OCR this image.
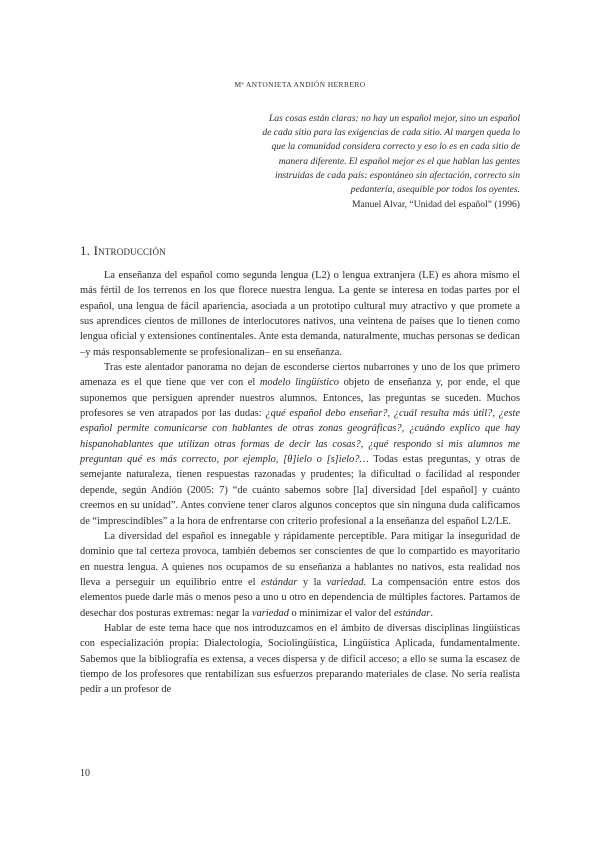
Mª ANTONIETA ANDIÓN HERRERO
Las cosas están claras: no hay un español mejor, sino un español
de cada sitio para las exigencias de cada sitio. Al margen queda lo
que la comunidad considera correcto y eso lo es en cada sitio de
manera diferente. El español mejor es el que hablan las gentes
instruidas de cada país: espontáneo sin afectación, correcto sin
pedantería, asequible por todos los oyentes.
Manuel Alvar, “Unidad del español” (1996)
1. Introducción

La enseñanza del español como segunda lengua (L2) o lengua extranjera (LE) es ahora mismo el más fértil de los terrenos en los que florece nuestra lengua. La gente se interesa en todas partes por el español, una lengua de fácil apariencia, asociada a un prototipo cultural muy atractivo y que promete a sus aprendices cientos de millones de interlocutores nativos, una veintena de países que lo tienen como lengua oficial y extensiones continentales. Ante esta demanda, naturalmente, muchas personas se dedican –y más responsablemente se profesionalizan– en su enseñanza.

Tras este alentador panorama no dejan de esconderse ciertos nubarrones y uno de los que primero amenaza es el que tiene que ver con el modelo lingüístico objeto de enseñanza y, por ende, el que suponemos que persiguen aprender nuestros alumnos. Entonces, las preguntas se suceden. Muchos profesores se ven atrapados por las dudas: ¿qué español debo enseñar?, ¿cuál resulta más útil?, ¿este español permite comunicarse con hablantes de otras zonas geográficas?, ¿cuándo explico que hay hispanohablantes que utilizan otras formas de decir las cosas?, ¿qué respondo si mis alumnos me preguntan qué es más correcto, por ejemplo, [θ]ielo o [s]ielo?… Todas estas preguntas, y otras de semejante naturaleza, tienen respuestas razonadas y prudentes; la dificultad o facilidad al responder depende, según Andión (2005: 7) “de cuánto sabemos sobre [la] diversidad [del español] y cuánto creemos en su unidad”. Antes conviene tener claros algunos conceptos que sin ninguna duda calificamos de “imprescindibles” a la hora de enfrentarse con criterio profesional a la enseñanza del español L2/LE.

La diversidad del español es innegable y rápidamente perceptible. Para mitigar la inseguridad de dominio que tal certeza provoca, también debemos ser conscientes de que lo compartido es mayoritario en nuestra lengua. A quienes nos ocupamos de su enseñanza a hablantes no nativos, esta realidad nos lleva a perseguir un equilibrio entre el estándar y la variedad. La compensación entre estos dos elementos puede darle más o menos peso a uno u otro en dependencia de múltiples factores. Partamos de desechar dos posturas extremas: negar la variedad o minimizar el valor del estándar.

Hablar de este tema hace que nos introduzcamos en el ámbito de diversas disciplinas lingüísticas con especialización propia: Dialectología, Sociolingüística, Lingüística Aplicada, fundamentalmente. Sabemos que la bibliografía es extensa, a veces dispersa y de difícil acceso; a ello se suma la escasez de tiempo de los profesores que rentabilizan sus esfuerzos preparando materiales de clase. No sería realista pedir a un profesor de

10
